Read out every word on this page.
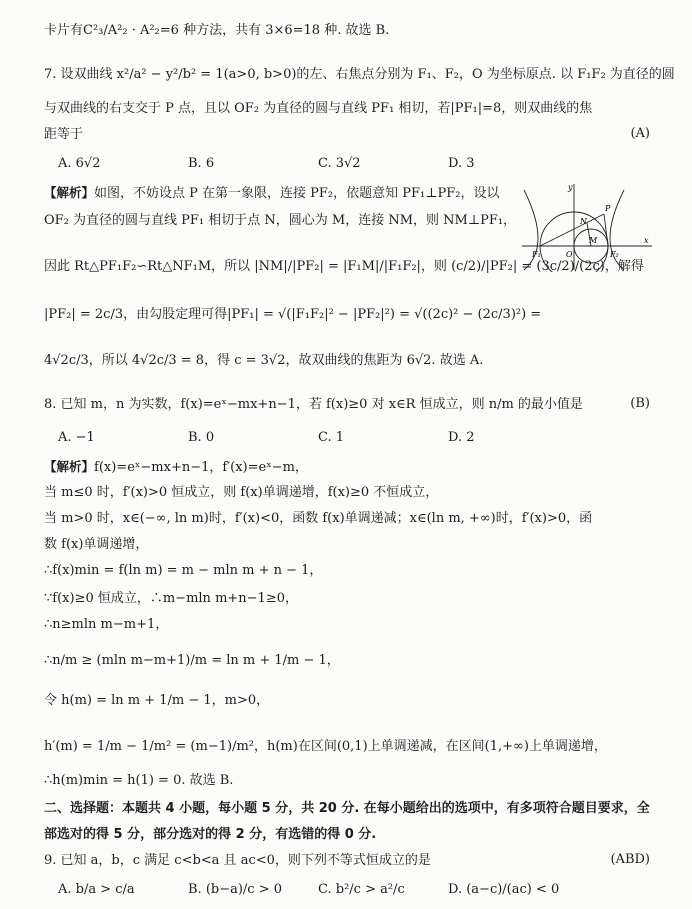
卡片有C²₃/A²₂ · A²₂=6 种方法，共有 3×6=18 种. 故选 B.
7. 设双曲线 x²/a² − y²/b² = 1(a>0, b>0)的左、右焦点分别为 F₁、F₂，O 为坐标原点. 以 F₁F₂ 为直径的圆
与双曲线的右支交于 P 点，且以 OF₂ 为直径的圆与直线 PF₁ 相切，若|PF₁|=8，则双曲线的焦
距等于	(A)
A. 6√2	B. 6	C. 3√2	D. 3
【解析】如图，不妨设点 P 在第一象限，连接 PF₂，依题意知 PF₁⊥PF₂，设以
OF₂ 为直径的圆与直线 PF₁ 相切于点 N，圆心为 M，连接 NM，则 NM⊥PF₁，
因此 Rt△PF₁F₂∽Rt△NF₁M，所以 |NM|/|PF₂| = |F₁M|/|F₁F₂|，则 (c/2)/|PF₂| = (3c/2)/(2c)，解得
|PF₂| = 2c/3，由勾股定理可得|PF₁| = √(|F₁F₂|² − |PF₂|²) = √((2c)² − (2c/3)²) =
4√2c/3，所以 4√2c/3 = 8，得 c = 3√2，故双曲线的焦距为 6√2. 故选 A.
y
P
N
F₁	O
M
F₂
x
8. 已知 m，n 为实数，f(x)=eˣ−mx+n−1，若 f(x)≥0 对 x∈R 恒成立，则 n/m 的最小值是	(B)
A. −1	B. 0	C. 1	D. 2
【解析】f(x)=eˣ−mx+n−1，f′(x)=eˣ−m，
当 m≤0 时，f′(x)>0 恒成立，则 f(x)单调递增，f(x)≥0 不恒成立，
当 m>0 时，x∈(−∞, ln m)时，f′(x)<0，函数 f(x)单调递减；x∈(ln m, +∞)时，f′(x)>0，函
数 f(x)单调递增，
∴f(x)min = f(ln m) = m − mln m + n − 1，
∵f(x)≥0 恒成立，∴m−mln m+n−1≥0，
∴n≥mln m−m+1，
∴n/m ≥ (mln m−m+1)/m = ln m + 1/m − 1，
令 h(m) = ln m + 1/m − 1，m>0，
h′(m) = 1/m − 1/m² = (m−1)/m²，h(m)在区间(0,1)上单调递减，在区间(1,+∞)上单调递增，
∴h(m)min = h(1) = 0. 故选 B.
二、选择题：本题共 4 小题，每小题 5 分，共 20 分. 在每小题给出的选项中，有多项符合题目要求，全
部选对的得 5 分，部分选对的得 2 分，有选错的得 0 分.
9. 已知 a，b，c 满足 c<b<a 且 ac<0，则下列不等式恒成立的是	(ABD)
A. b/a > c/a	B. (b−a)/c > 0	C. b²/c > a²/c	D. (a−c)/(ac) < 0
